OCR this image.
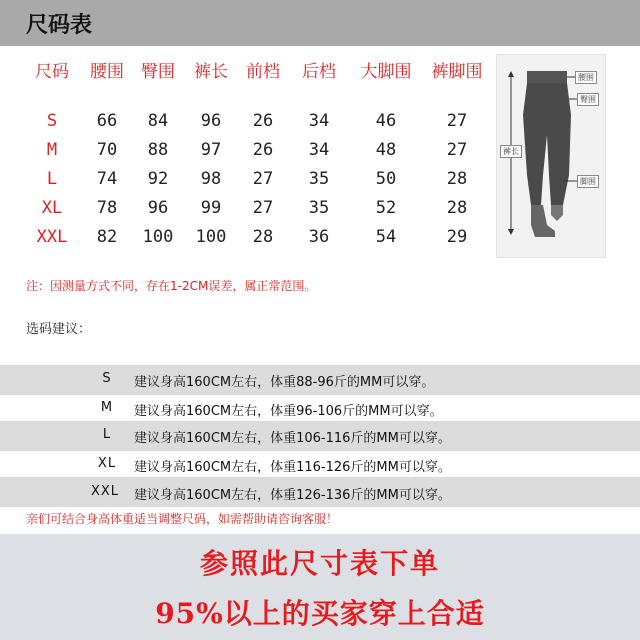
尺码表
尺码	腰围	臀围	裤长	前档	后档	大脚围	裤脚围

S	66	84	96	26	34	46	27
M	70	88	97	26	34	48	27
L	74	92	98	27	35	50	28
XL	78	96	99	27	35	52	28
XXL	82	100	100	28	36	54	29
腰围
臀围
裤长
脚围
注：因测量方式不同，存在1-2CM误差，属正常范围。
选码建议：
S	建议身高160CM左右，体重88-96斤的MM可以穿。
M	建议身高160CM左右，体重96-106斤的MM可以穿。
L	建议身高160CM左右，体重106-116斤的MM可以穿。
XL	建议身高160CM左右，体重116-126斤的MM可以穿。
XXL	建议身高160CM左右，体重126-136斤的MM可以穿。
亲们可结合身高体重适当调整尺码，如需帮助请咨询客服！
参照此尺寸表下单
95%以上的买家穿上合适
